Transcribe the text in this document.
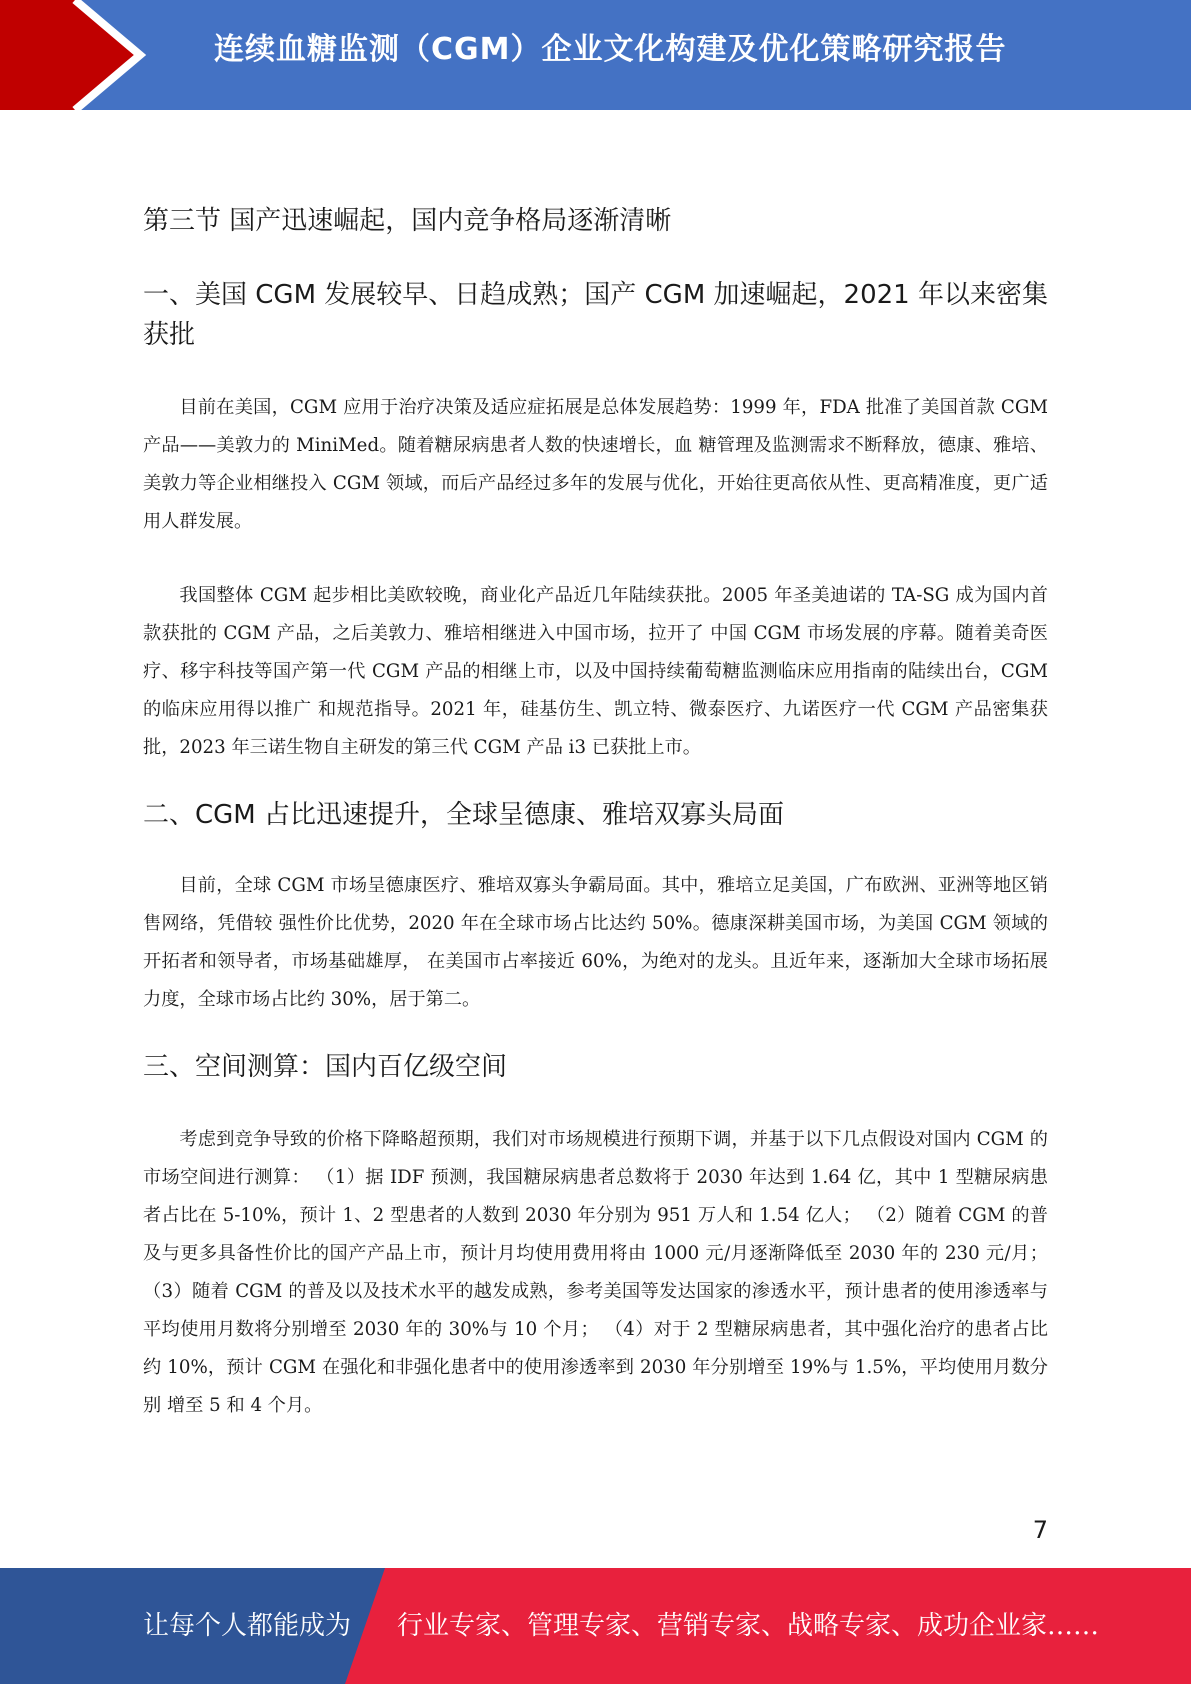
连续血糖监测（CGM）企业文化构建及优化策略研究报告
第三节 国产迅速崛起，国内竞争格局逐渐清晰
一、美国 CGM 发展较早、日趋成熟；国产 CGM 加速崛起，2021 年以来密集获批

目前在美国，CGM 应用于治疗决策及适应症拓展是总体发展趋势：1999 年，FDA 批准了美国首款 CGM 产品——美敦力的 MiniMed。随着糖尿病患者人数的快速增长，血 糖管理及监测需求不断释放，德康、雅培、美敦力等企业相继投入 CGM 领域，而后产品经过多年的发展与优化，开始往更高依从性、更高精准度，更广适用人群发展。

我国整体 CGM 起步相比美欧较晚，商业化产品近几年陆续获批。2005 年圣美迪诺的 TA-SG 成为国内首款获批的 CGM 产品，之后美敦力、雅培相继进入中国市场，拉开了 中国 CGM 市场发展的序幕。随着美奇医疗、移宇科技等国产第一代 CGM 产品的相继上市，以及中国持续葡萄糖监测临床应用指南的陆续出台，CGM 的临床应用得以推广 和规范指导。2021 年，硅基仿生、凯立特、微泰医疗、九诺医疗一代 CGM 产品密集获批，2023 年三诺生物自主研发的第三代 CGM 产品 i3 已获批上市。

二、CGM 占比迅速提升，全球呈德康、雅培双寡头局面

目前，全球 CGM 市场呈德康医疗、雅培双寡头争霸局面。其中，雅培立足美国，广布欧洲、亚洲等地区销售网络，凭借较 强性价比优势，2020 年在全球市场占比达约 50%。德康深耕美国市场，为美国 CGM 领域的开拓者和领导者，市场基础雄厚， 在美国市占率接近 60%，为绝对的龙头。且近年来，逐渐加大全球市场拓展力度，全球市场占比约 30%，居于第二。

三、空间测算：国内百亿级空间

考虑到竞争导致的价格下降略超预期，我们对市场规模进行预期下调，并基于以下几点假设对国内 CGM 的市场空间进行测算： （1）据 IDF 预测，我国糖尿病患者总数将于 2030 年达到 1.64 亿，其中 1 型糖尿病患者占比在 5-10%，预计 1、2 型患者的人数到 2030 年分别为 951 万人和 1.54 亿人； （2）随着 CGM 的普及与更多具备性价比的国产产品上市，预计月均使用费用将由 1000 元/月逐渐降低至 2030 年的 230 元/月； （3）随着 CGM 的普及以及技术水平的越发成熟，参考美国等发达国家的渗透水平，预计患者的使用渗透率与平均使用月数将分别增至 2030 年的 30%与 10 个月； （4）对于 2 型糖尿病患者，其中强化治疗的患者占比约 10%，预计 CGM 在强化和非强化患者中的使用渗透率到 2030 年分别增至 19%与 1.5%，平均使用月数分别 增至 5 和 4 个月。

7
让每个人都能成为 行业专家、管理专家、营销专家、战略专家、成功企业家……
